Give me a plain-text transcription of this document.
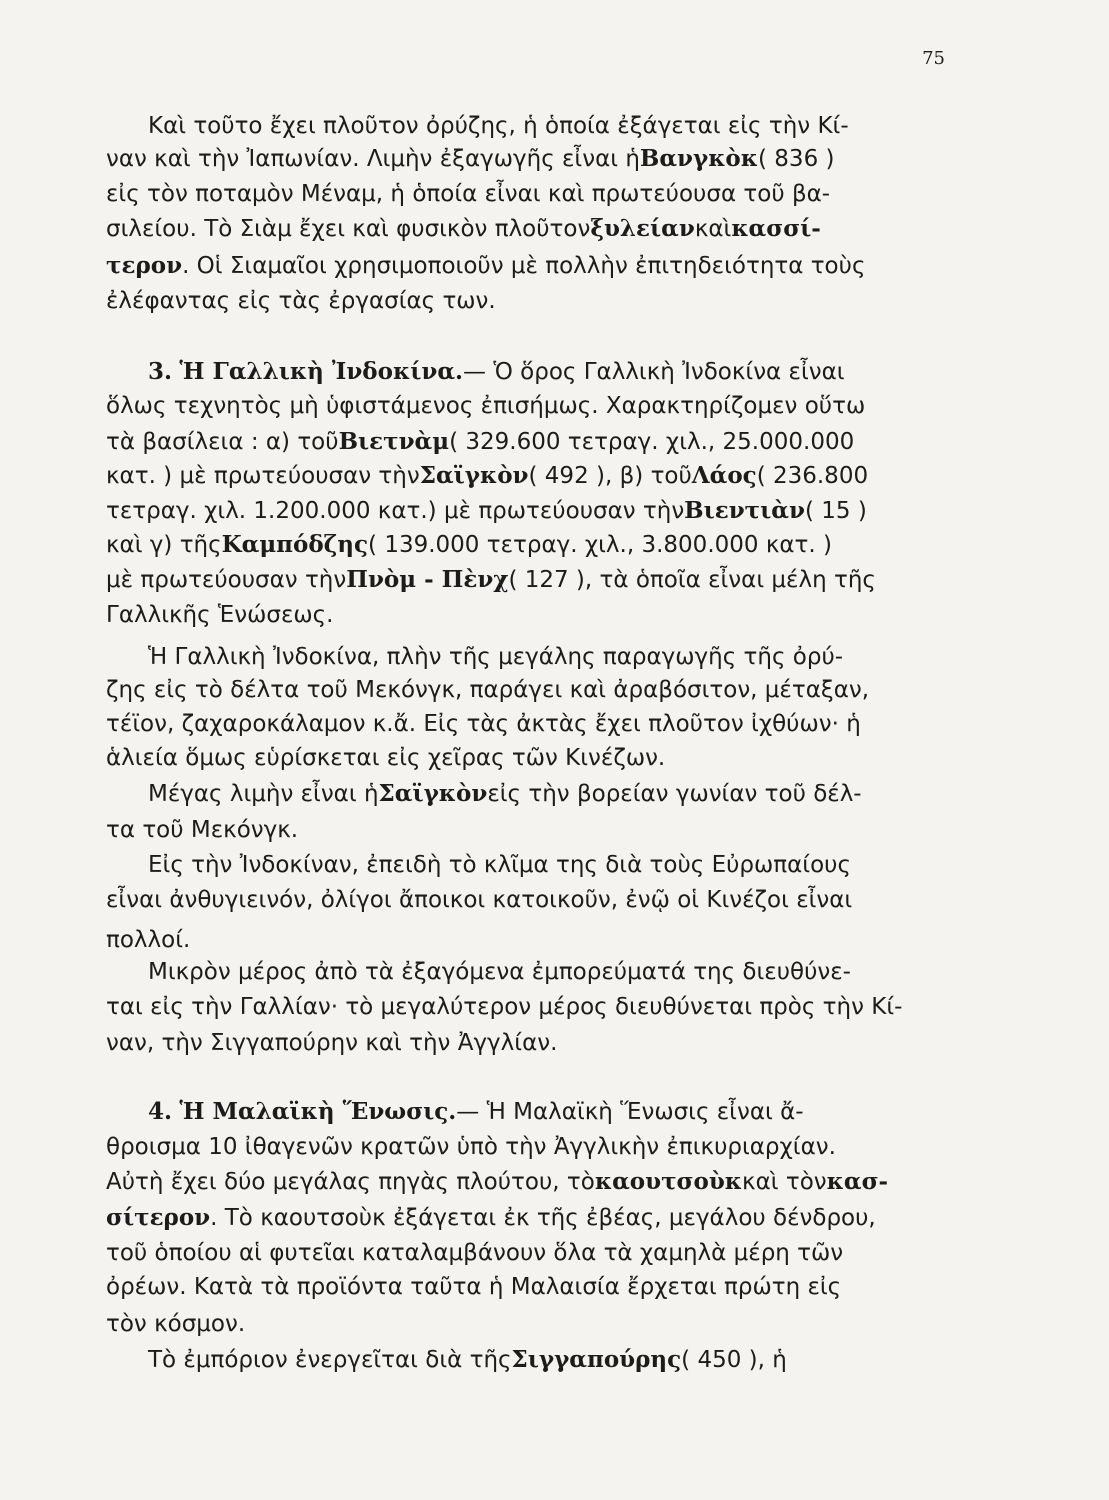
75
Καὶ τοῦτο ἔχει πλοῦτον ὀρύζης, ἡ ὁποία ἐξάγεται εἰς τὴν Κί-
ναν καὶ τὴν Ἰαπωνίαν. Λιμὴν ἐξαγωγῆς εἶναι ἡΒανγκὸκ( 836 )
εἰς τὸν ποταμὸν Μέναμ, ἡ ὁποία εἶναι καὶ πρωτεύουσα τοῦ βα-
σιλείου. Τὸ Σιὰμ ἔχει καὶ φυσικὸν πλοῦτονξυλείανκαὶκασσί-
τερον. Οἱ Σιαμαῖοι χρησιμοποιοῦν μὲ πολλὴν ἐπιτηδειότητα τοὺς
ἐλέφαντας εἰς τὰς ἐργασίας των.
3. Ἡ Γαλλικὴ Ἰνδοκίνα.— Ὁ ὅρος Γαλλικὴ Ἰνδοκίνα εἶναι
ὅλως τεχνητὸς μὴ ὑφιστάμενος ἐπισήμως. Χαρακτηρίζομεν οὕτω
τὰ βασίλεια : α) τοῦΒιετνὰμ( 329.600 τετραγ. χιλ., 25.000.000
κατ. ) μὲ πρωτεύουσαν τὴνΣαϊγκὸν( 492 ), β) τοῦΛάος( 236.800
τετραγ. χιλ. 1.200.000 κατ.) μὲ πρωτεύουσαν τὴνΒιεντιὰν( 15 )
καὶ γ) τῆςΚαμπόδζης( 139.000 τετραγ. χιλ., 3.800.000 κατ. )
μὲ πρωτεύουσαν τὴνΠνὸμ - Πὲνχ( 127 ), τὰ ὁποῖα εἶναι μέλη τῆς
Γαλλικῆς Ἑνώσεως.
Ἡ Γαλλικὴ Ἰνδοκίνα, πλὴν τῆς μεγάλης παραγωγῆς τῆς ὀρύ-
ζης εἰς τὸ δέλτα τοῦ Μεκόνγκ, παράγει καὶ ἀραβόσιτον, μέταξαν,
τέϊον, ζαχαροκάλαμον κ.ἄ. Εἰς τὰς ἀκτὰς ἔχει πλοῦτον ἰχθύων· ἡ
ἁλιεία ὅμως εὑρίσκεται εἰς χεῖρας τῶν Κινέζων.
Μέγας λιμὴν εἶναι ἡΣαϊγκὸνεἰς τὴν βορείαν γωνίαν τοῦ δέλ-
τα τοῦ Μεκόνγκ.
Εἰς τὴν Ἰνδοκίναν, ἐπειδὴ τὸ κλῖμα της διὰ τοὺς Εὐρωπαίους
εἶναι ἀνθυγιεινόν, ὀλίγοι ἄποικοι κατοικοῦν, ἐνῷ οἱ Κινέζοι εἶναι
πολλοί.
Μικρὸν μέρος ἀπὸ τὰ ἐξαγόμενα ἐμπορεύματά της διευθύνε-
ται εἰς τὴν Γαλλίαν· τὸ μεγαλύτερον μέρος διευθύνεται πρὸς τὴν Κί-
ναν, τὴν Σιγγαπούρην καὶ τὴν Ἀγγλίαν.
4. Ἡ Μαλαϊκὴ Ἕνωσις.— Ἡ Μαλαϊκὴ Ἕνωσις εἶναι ἄ-
θροισμα 10 ἰθαγενῶν κρατῶν ὑπὸ τὴν Ἀγγλικὴν ἐπικυριαρχίαν.
Αὐτὴ ἔχει δύο μεγάλας πηγὰς πλούτου, τὸκαουτσοὺκκαὶ τὸνκασ-
σίτερον. Τὸ καουτσοὺκ ἐξάγεται ἐκ τῆς ἐβέας, μεγάλου δένδρου,
τοῦ ὁποίου αἱ φυτεῖαι καταλαμβάνουν ὅλα τὰ χαμηλὰ μέρη τῶν
ὀρέων. Κατὰ τὰ προϊόντα ταῦτα ἡ Μαλαισία ἔρχεται πρώτη εἰς
τὸν κόσμον.
Τὸ ἐμπόριον ἐνεργεῖται διὰ τῆςΣιγγαπούρης( 450 ), ἡ
